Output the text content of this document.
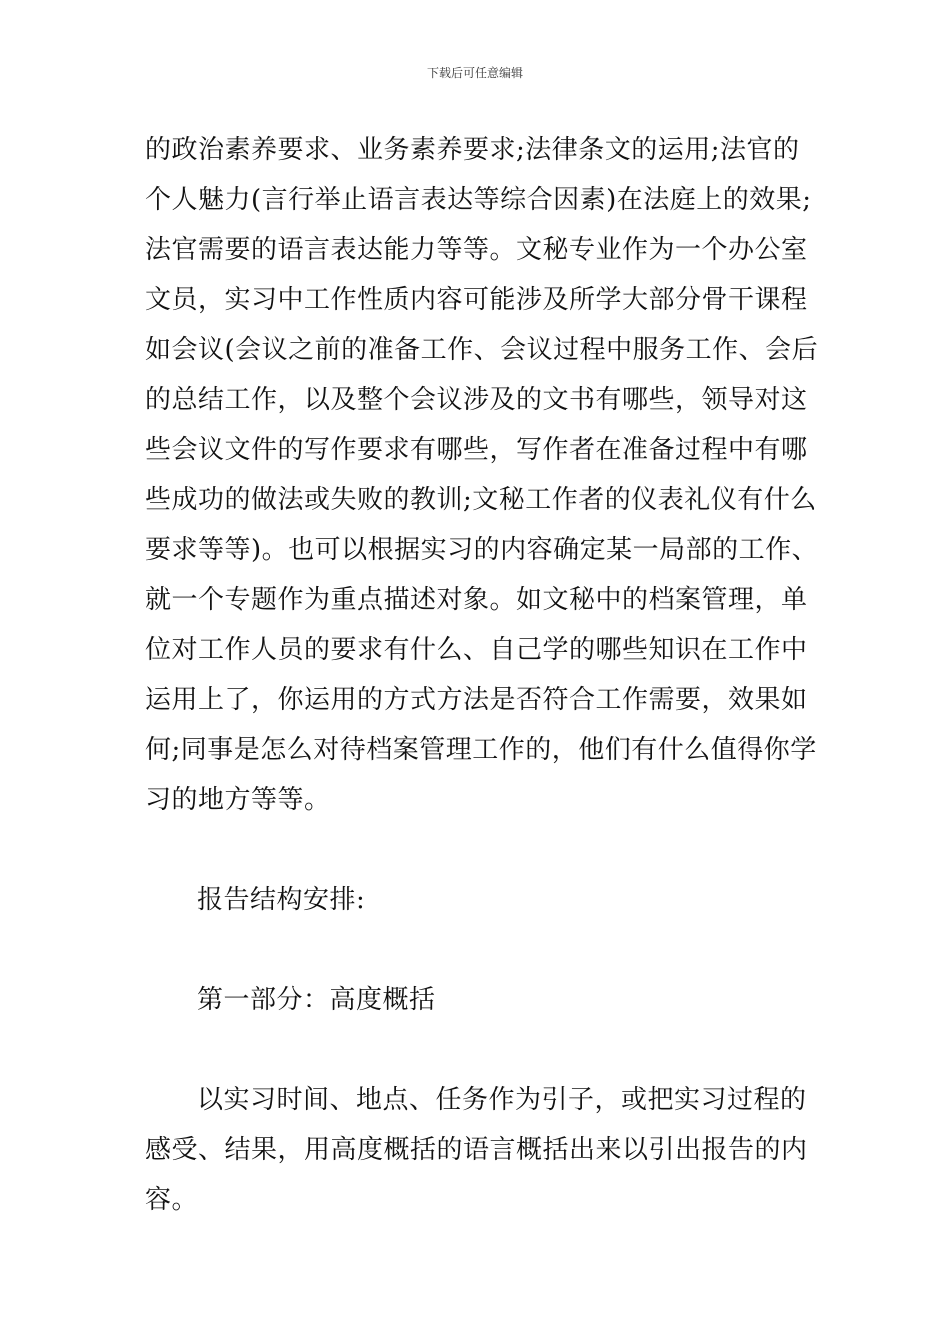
下载后可任意编辑
的政治素养要求、业务素养要求;法律条文的运用;法官的
个人魅力(言行举止语言表达等综合因素)在法庭上的效果;
法官需要的语言表达能力等等。文秘专业作为一个办公室
文员，实习中工作性质内容可能涉及所学大部分骨干课程
如会议(会议之前的准备工作、会议过程中服务工作、会后
的总结工作，以及整个会议涉及的文书有哪些，领导对这
些会议文件的写作要求有哪些，写作者在准备过程中有哪
些成功的做法或失败的教训;文秘工作者的仪表礼仪有什么
要求等等)。也可以根据实习的内容确定某一局部的工作、
就一个专题作为重点描述对象。如文秘中的档案管理，单
位对工作人员的要求有什么、自己学的哪些知识在工作中
运用上了，你运用的方式方法是否符合工作需要，效果如
何;同事是怎么对待档案管理工作的，他们有什么值得你学
习的地方等等。
报告结构安排:
第一部分：高度概括
以实习时间、地点、任务作为引子，或把实习过程的
感受、结果，用高度概括的语言概括出来以引出报告的内
容。
